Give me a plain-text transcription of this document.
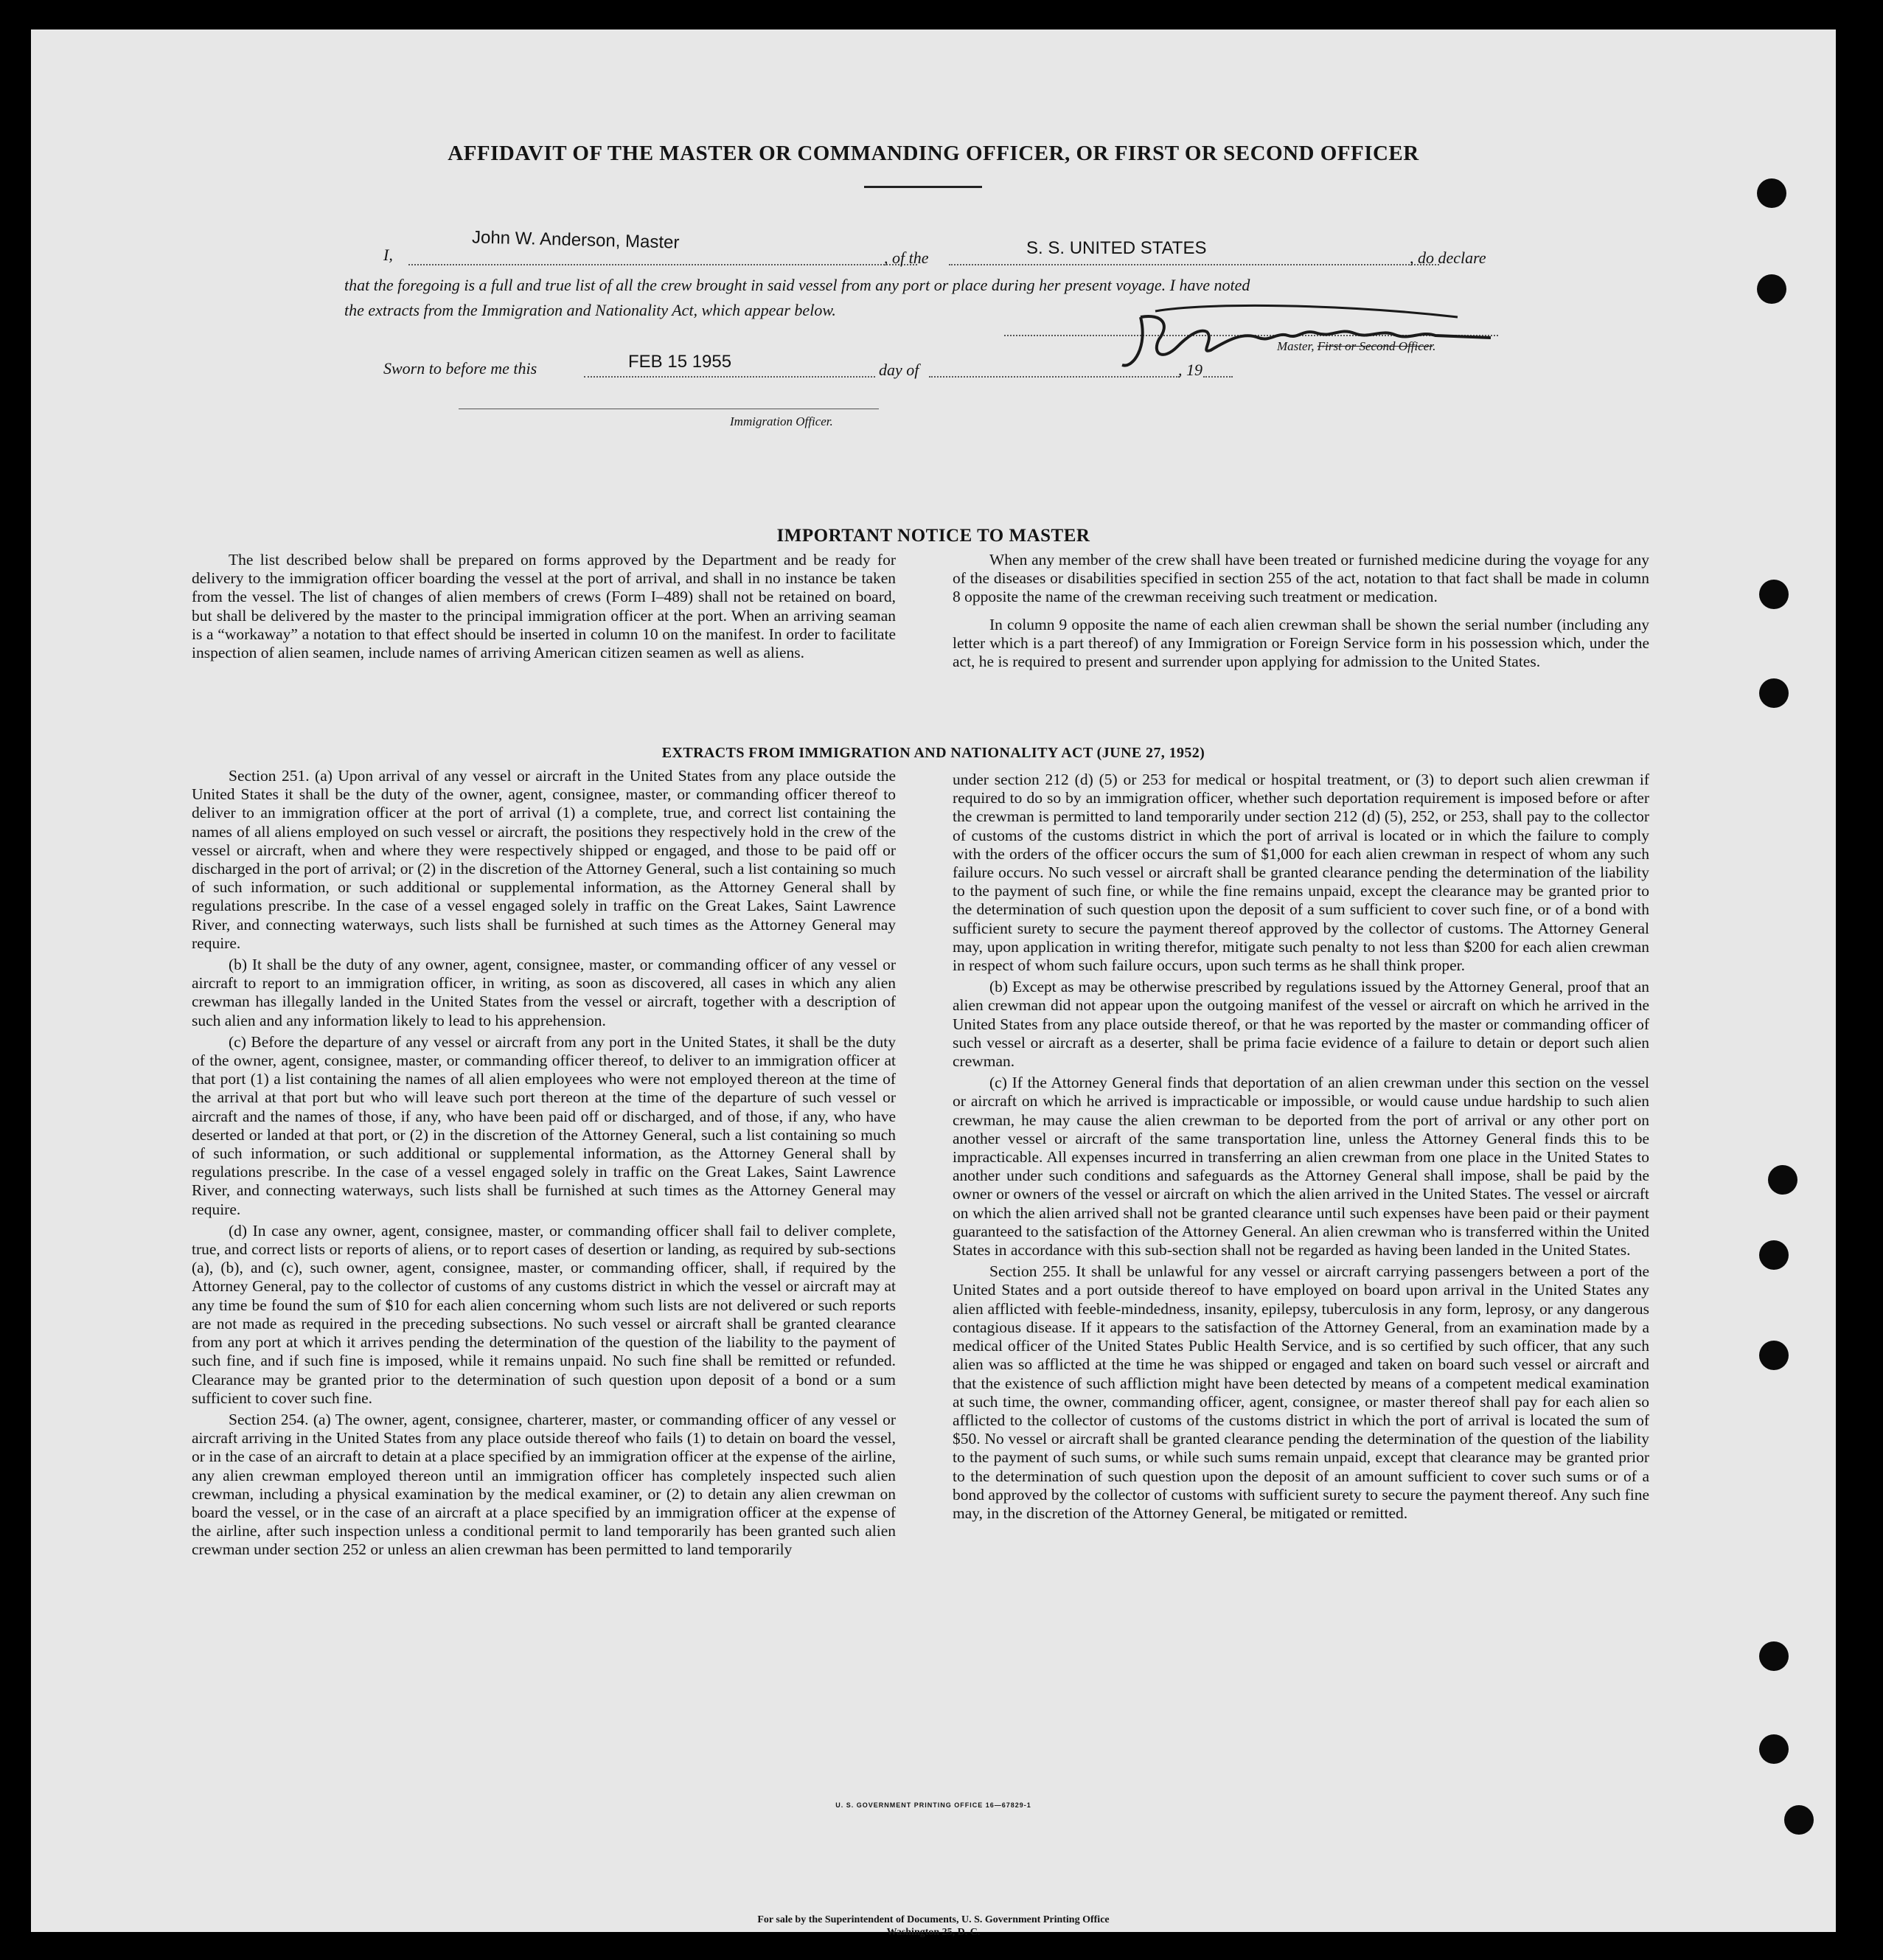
AFFIDAVIT OF THE MASTER OR COMMANDING OFFICER, OR FIRST OR SECOND OFFICER
I,
John W. Anderson, Master
, of the	S. S. UNITED STATES	, do declare
that the foregoing is a full and true list of all the crew brought in said vessel from any port or place during her present voyage. I have noted
the extracts from the Immigration and Nationality Act, which appear below.
Master, First or Second Officer.
Sworn to before me this	FEB 15 1955	day of	, 19
Immigration Officer.
IMPORTANT NOTICE TO MASTER

The list described below shall be prepared on forms approved by the Department and be ready for delivery to the immigration officer boarding the vessel at the port of arrival, and shall in no instance be taken from the vessel. The list of changes of alien members of crews (Form I–489) shall not be retained on board, but shall be delivered by the master to the principal immigration officer at the port. When an arriving seaman is a “workaway” a notation to that effect should be inserted in column 10 on the manifest. In order to facilitate inspection of alien seamen, include names of arriving American citizen seamen as well as aliens.

When any member of the crew shall have been treated or furnished medicine during the voyage for any of the diseases or disabilities specified in section 255 of the act, notation to that fact shall be made in column 8 opposite the name of the crewman receiving such treatment or medication.

In column 9 opposite the name of each alien crewman shall be shown the serial number (including any letter which is a part thereof) of any Immigration or Foreign Service form in his possession which, under the act, he is required to present and surrender upon applying for admission to the United States.

EXTRACTS FROM IMMIGRATION AND NATIONALITY ACT (JUNE 27, 1952)

Section 251. (a) Upon arrival of any vessel or aircraft in the United States from any place outside the United States it shall be the duty of the owner, agent, consignee, master, or commanding officer thereof to deliver to an immigration officer at the port of arrival (1) a complete, true, and correct list containing the names of all aliens employed on such vessel or aircraft, the positions they respectively hold in the crew of the vessel or aircraft, when and where they were respectively shipped or engaged, and those to be paid off or discharged in the port of arrival; or (2) in the discretion of the Attorney General, such a list containing so much of such information, or such additional or supplemental information, as the Attorney General shall by regulations prescribe. In the case of a vessel engaged solely in traffic on the Great Lakes, Saint Lawrence River, and connecting waterways, such lists shall be furnished at such times as the Attorney General may require.

(b) It shall be the duty of any owner, agent, consignee, master, or commanding officer of any vessel or aircraft to report to an immigration officer, in writing, as soon as discovered, all cases in which any alien crewman has illegally landed in the United States from the vessel or aircraft, together with a description of such alien and any information likely to lead to his apprehension.

(c) Before the departure of any vessel or aircraft from any port in the United States, it shall be the duty of the owner, agent, consignee, master, or commanding officer thereof, to deliver to an immigration officer at that port (1) a list containing the names of all alien employees who were not employed thereon at the time of the arrival at that port but who will leave such port thereon at the time of the departure of such vessel or aircraft and the names of those, if any, who have been paid off or discharged, and of those, if any, who have deserted or landed at that port, or (2) in the discretion of the Attorney General, such a list containing so much of such information, or such additional or supplemental information, as the Attorney General shall by regulations prescribe. In the case of a vessel engaged solely in traffic on the Great Lakes, Saint Lawrence River, and connecting waterways, such lists shall be furnished at such times as the Attorney General may require.

(d) In case any owner, agent, consignee, master, or commanding officer shall fail to deliver complete, true, and correct lists or reports of aliens, or to report cases of desertion or landing, as required by sub-sections (a), (b), and (c), such owner, agent, consignee, master, or commanding officer, shall, if required by the Attorney General, pay to the collector of customs of any customs district in which the vessel or aircraft may at any time be found the sum of $10 for each alien concerning whom such lists are not delivered or such reports are not made as required in the preceding subsections. No such vessel or aircraft shall be granted clearance from any port at which it arrives pending the determination of the question of the liability to the payment of such fine, and if such fine is imposed, while it remains unpaid. No such fine shall be remitted or refunded. Clearance may be granted prior to the determination of such question upon deposit of a bond or a sum sufficient to cover such fine.

Section 254. (a) The owner, agent, consignee, charterer, master, or commanding officer of any vessel or aircraft arriving in the United States from any place outside thereof who fails (1) to detain on board the vessel, or in the case of an aircraft to detain at a place specified by an immigration officer at the expense of the airline, any alien crewman employed thereon until an immigration officer has completely inspected such alien crewman, including a physical examination by the medical examiner, or (2) to detain any alien crewman on board the vessel, or in the case of an aircraft at a place specified by an immigration officer at the expense of the airline, after such inspection unless a conditional permit to land temporarily has been granted such alien crewman under section 252 or unless an alien crewman has been permitted to land temporarily

under section 212 (d) (5) or 253 for medical or hospital treatment, or (3) to deport such alien crewman if required to do so by an immigration officer, whether such deportation requirement is imposed before or after the crewman is permitted to land temporarily under section 212 (d) (5), 252, or 253, shall pay to the collector of customs of the customs district in which the port of arrival is located or in which the failure to comply with the orders of the officer occurs the sum of $1,000 for each alien crewman in respect of whom any such failure occurs. No such vessel or aircraft shall be granted clearance pending the determination of the liability to the payment of such fine, or while the fine remains unpaid, except the clearance may be granted prior to the determination of such question upon the deposit of a sum sufficient to cover such fine, or of a bond with sufficient surety to secure the payment thereof approved by the collector of customs. The Attorney General may, upon application in writing therefor, mitigate such penalty to not less than $200 for each alien crewman in respect of whom such failure occurs, upon such terms as he shall think proper.

(b) Except as may be otherwise prescribed by regulations issued by the Attorney General, proof that an alien crewman did not appear upon the outgoing manifest of the vessel or aircraft on which he arrived in the United States from any place outside thereof, or that he was reported by the master or commanding officer of such vessel or aircraft as a deserter, shall be prima facie evidence of a failure to detain or deport such alien crewman.

(c) If the Attorney General finds that deportation of an alien crewman under this section on the vessel or aircraft on which he arrived is impracticable or impossible, or would cause undue hardship to such alien crewman, he may cause the alien crewman to be deported from the port of arrival or any other port on another vessel or aircraft of the same transportation line, unless the Attorney General finds this to be impracticable. All expenses incurred in transferring an alien crewman from one place in the United States to another under such conditions and safeguards as the Attorney General shall impose, shall be paid by the owner or owners of the vessel or aircraft on which the alien arrived in the United States. The vessel or aircraft on which the alien arrived shall not be granted clearance until such expenses have been paid or their payment guaranteed to the satisfaction of the Attorney General. An alien crewman who is transferred within the United States in accordance with this sub-section shall not be regarded as having been landed in the United States.

Section 255. It shall be unlawful for any vessel or aircraft carrying passengers between a port of the United States and a port outside thereof to have employed on board upon arrival in the United States any alien afflicted with feeble-mindedness, insanity, epilepsy, tuberculosis in any form, leprosy, or any dangerous contagious disease. If it appears to the satisfaction of the Attorney General, from an examination made by a medical officer of the United States Public Health Service, and is so certified by such officer, that any such alien was so afflicted at the time he was shipped or engaged and taken on board such vessel or aircraft and that the existence of such affliction might have been detected by means of a competent medical examination at such time, the owner, commanding officer, agent, consignee, or master thereof shall pay for each alien so afflicted to the collector of customs of the customs district in which the port of arrival is located the sum of $50. No vessel or aircraft shall be granted clearance pending the determination of the question of the liability to the payment of such sums, or while such sums remain unpaid, except that clearance may be granted prior to the determination of such question upon the deposit of an amount sufficient to cover such sums or of a bond approved by the collector of customs with sufficient surety to secure the payment thereof. Any such fine may, in the discretion of the Attorney General, be mitigated or remitted.

U. S. GOVERNMENT PRINTING OFFICE 16—67829-1
For sale by the Superintendent of Documents, U. S. Government Printing Office
Washington 25, D. C.
